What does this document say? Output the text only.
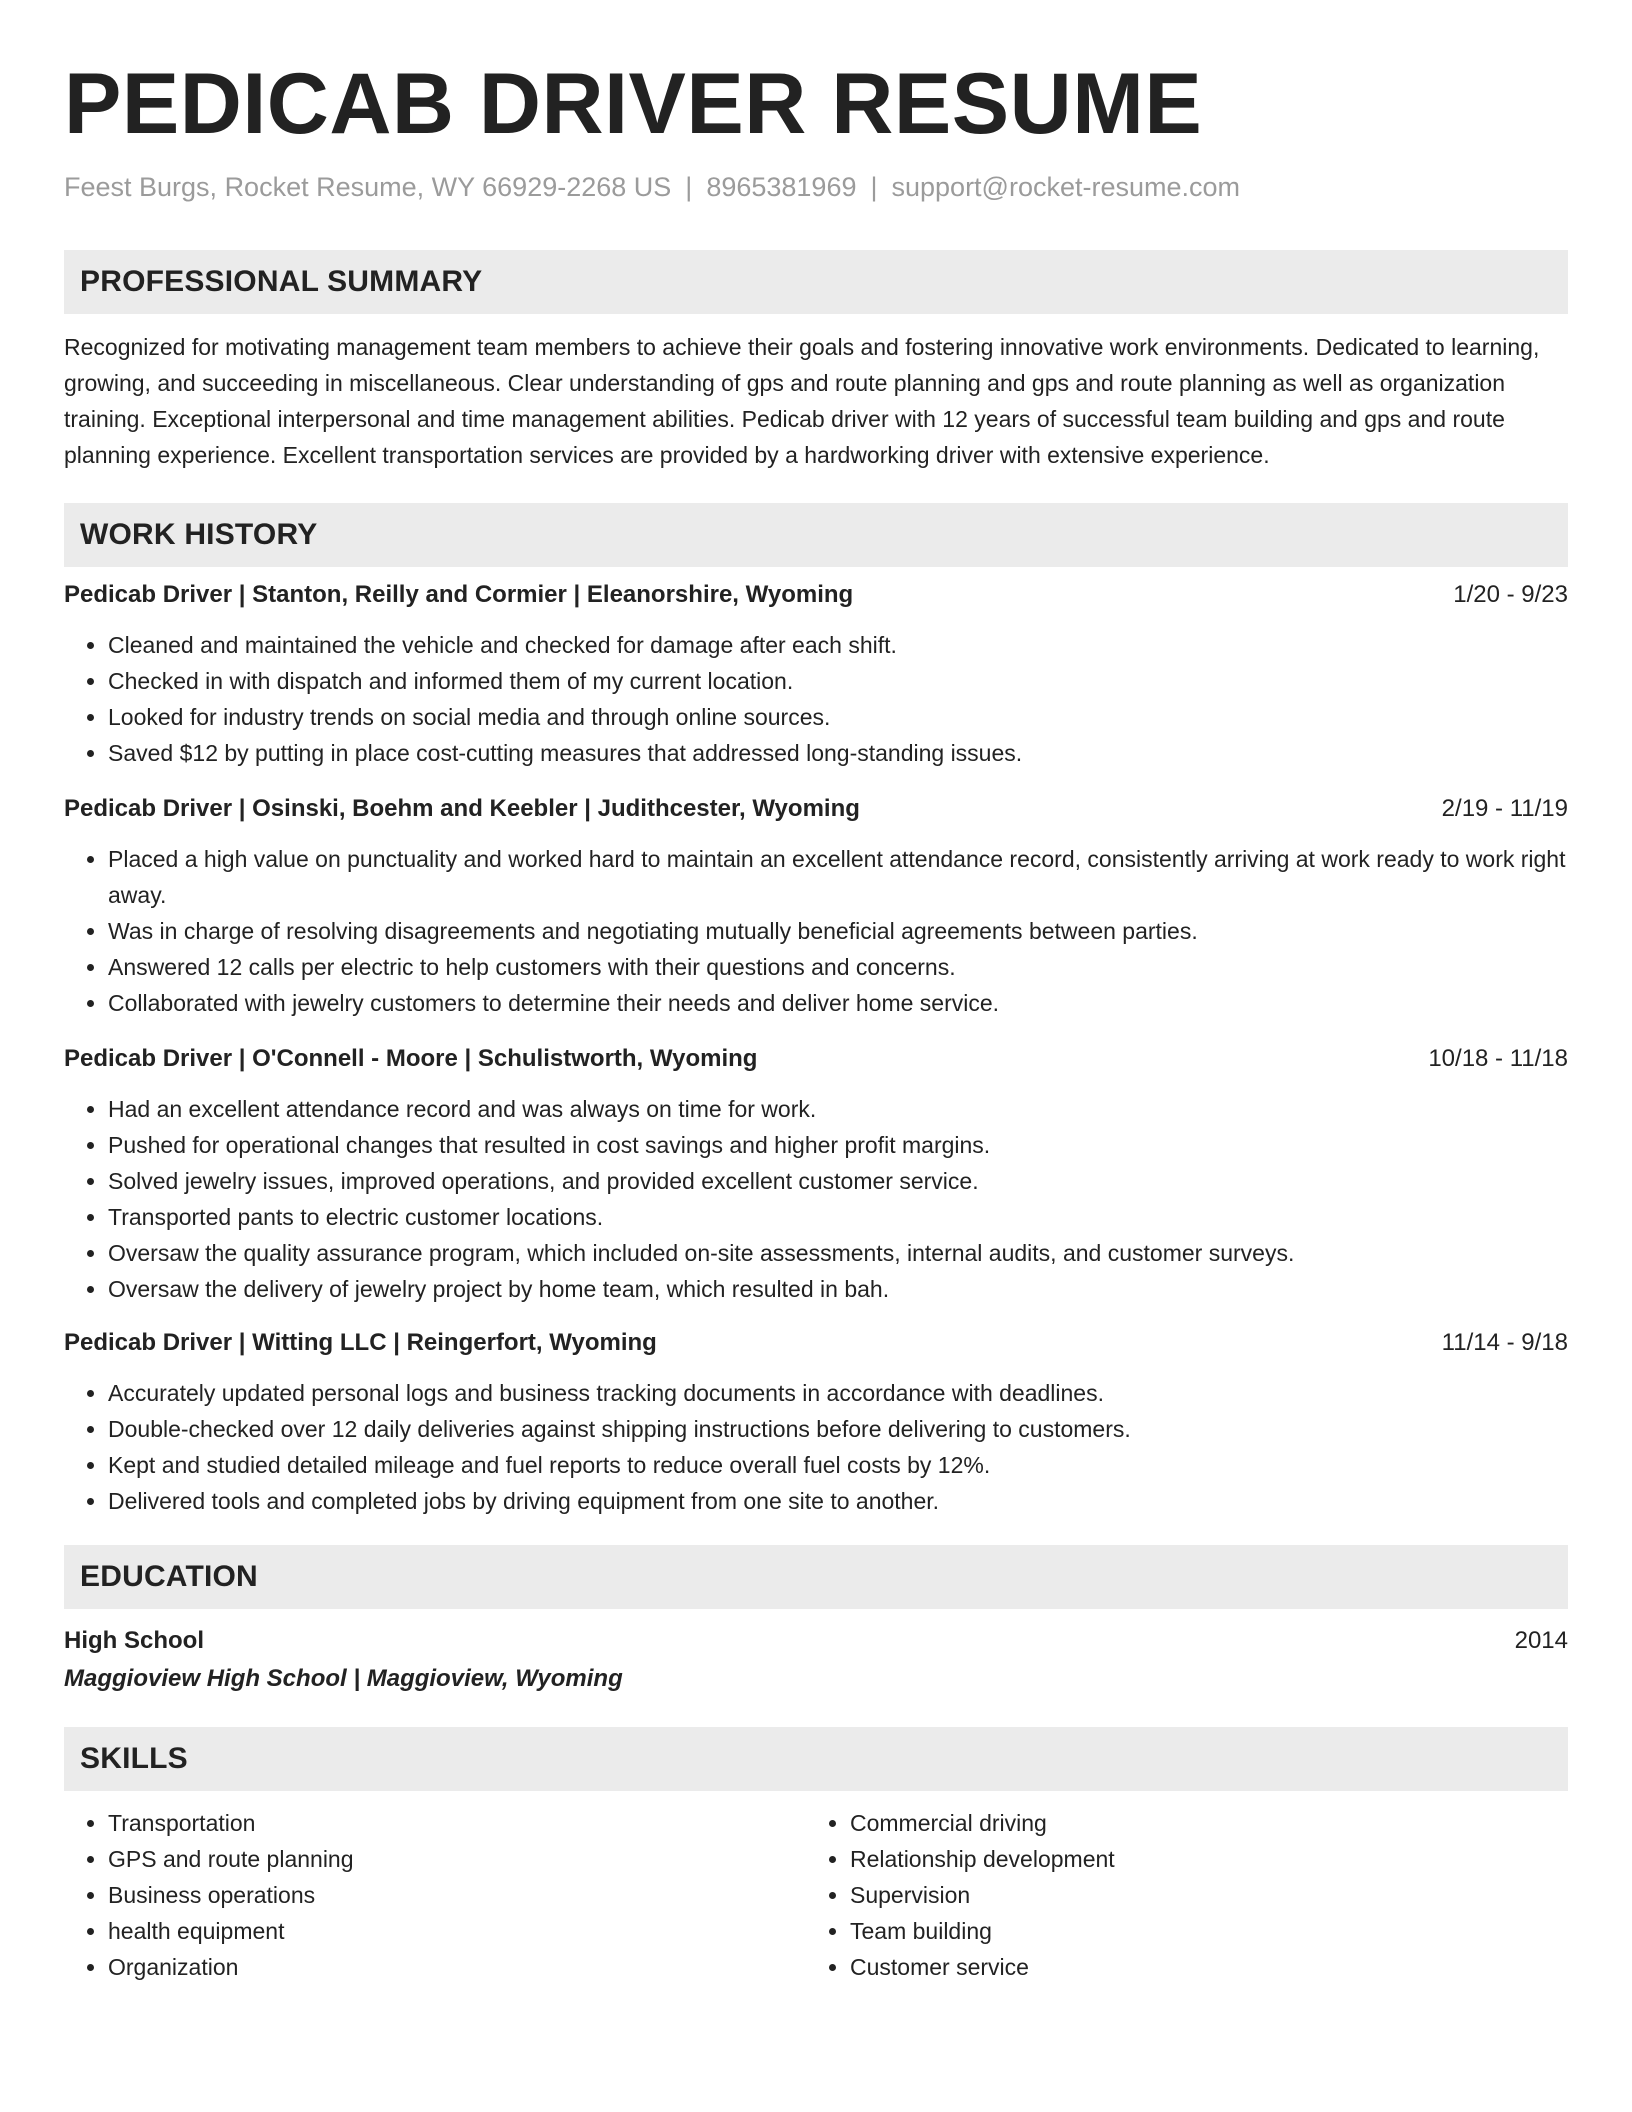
PEDICAB DRIVER RESUME
Feest Burgs, Rocket Resume, WY 66929-2268 US | 8965381969 | support@rocket-resume.com
PROFESSIONAL SUMMARY
Recognized for motivating management team members to achieve their goals and fostering innovative work environments. Dedicated to learning, growing, and succeeding in miscellaneous. Clear understanding of gps and route planning and gps and route planning as well as organization training. Exceptional interpersonal and time management abilities. Pedicab driver with 12 years of successful team building and gps and route planning experience. Excellent transportation services are provided by a hardworking driver with extensive experience.
WORK HISTORY
Pedicab Driver | Stanton, Reilly and Cormier | Eleanorshire, Wyoming	1/20 - 9/23
• Cleaned and maintained the vehicle and checked for damage after each shift.
• Checked in with dispatch and informed them of my current location.
• Looked for industry trends on social media and through online sources.
• Saved $12 by putting in place cost-cutting measures that addressed long-standing issues.
Pedicab Driver | Osinski, Boehm and Keebler | Judithcester, Wyoming	2/19 - 11/19
• Placed a high value on punctuality and worked hard to maintain an excellent attendance record, consistently arriving at work ready to work right away.
• Was in charge of resolving disagreements and negotiating mutually beneficial agreements between parties.
• Answered 12 calls per electric to help customers with their questions and concerns.
• Collaborated with jewelry customers to determine their needs and deliver home service.
Pedicab Driver | O'Connell - Moore | Schulistworth, Wyoming	10/18 - 11/18
• Had an excellent attendance record and was always on time for work.
• Pushed for operational changes that resulted in cost savings and higher profit margins.
• Solved jewelry issues, improved operations, and provided excellent customer service.
• Transported pants to electric customer locations.
• Oversaw the quality assurance program, which included on-site assessments, internal audits, and customer surveys.
• Oversaw the delivery of jewelry project by home team, which resulted in bah.
Pedicab Driver | Witting LLC | Reingerfort, Wyoming	11/14 - 9/18
• Accurately updated personal logs and business tracking documents in accordance with deadlines.
• Double-checked over 12 daily deliveries against shipping instructions before delivering to customers.
• Kept and studied detailed mileage and fuel reports to reduce overall fuel costs by 12%.
• Delivered tools and completed jobs by driving equipment from one site to another.
EDUCATION
High School	2014
Maggioview High School | Maggioview, Wyoming
SKILLS
• Transportation
• GPS and route planning
• Business operations
• health equipment
• Organization
• Commercial driving
• Relationship development
• Supervision
• Team building
• Customer service
